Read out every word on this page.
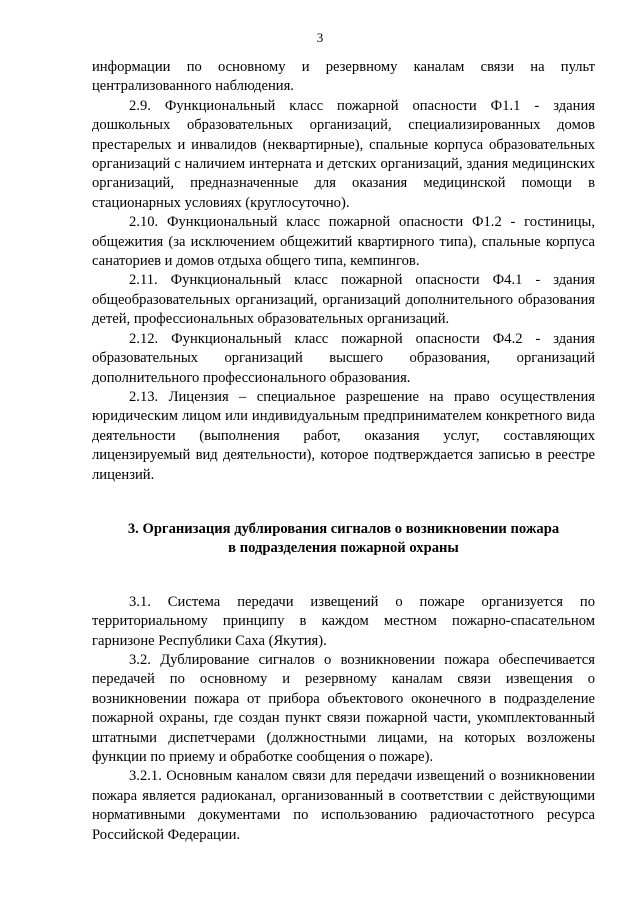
3

информации по основному и резервному каналам связи на пульт централизованного наблюдения.

2.9. Функциональный класс пожарной опасности Ф1.1 - здания дошкольных образовательных организаций, специализированных домов престарелых и инвалидов (неквартирные), спальные корпуса образовательных организаций с наличием интерната и детских организаций, здания медицинских организаций, предназначенные для оказания медицинской помощи в стационарных условиях (круглосуточно).

2.10. Функциональный класс пожарной опасности Ф1.2 - гостиницы, общежития (за исключением общежитий квартирного типа), спальные корпуса санаториев и домов отдыха общего типа, кемпингов.

2.11. Функциональный класс пожарной опасности Ф4.1 - здания общеобразовательных организаций, организаций дополнительного образования детей, профессиональных образовательных организаций.

2.12. Функциональный класс пожарной опасности Ф4.2 - здания образовательных организаций высшего образования, организаций дополнительного профессионального образования.

2.13. Лицензия – специальное разрешение на право осуществления юридическим лицом или индивидуальным предпринимателем конкретного вида деятельности (выполнения работ, оказания услуг, составляющих лицензируемый вид деятельности), которое подтверждается записью в реестре лицензий.

3. Организация дублирования сигналов о возникновении пожара
в подразделения пожарной охраны

3.1. Система передачи извещений о пожаре организуется по территориальному принципу в каждом местном пожарно-спасательном гарнизоне Республики Саха (Якутия).

3.2. Дублирование сигналов о возникновении пожара обеспечивается передачей по основному и резервному каналам связи извещения о возникновении пожара от прибора объектового оконечного в подразделение пожарной охраны, где создан пункт связи пожарной части, укомплектованный штатными диспетчерами (должностными лицами, на которых возложены функции по приему и обработке сообщения о пожаре).

3.2.1. Основным каналом связи для передачи извещений о возникновении пожара является радиоканал, организованный в соответствии с действующими нормативными документами по использованию радиочастотного ресурса Российской Федерации.
